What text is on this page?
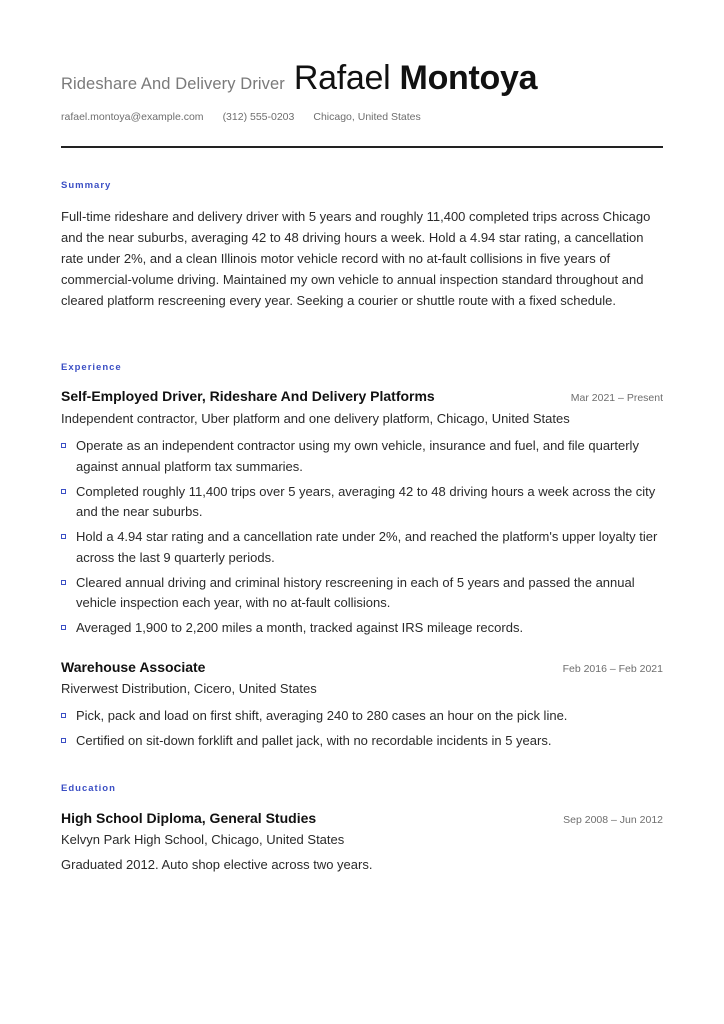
Rideshare And Delivery Driver Rafael Montoya
rafael.montoya@example.com (312) 555-0203 Chicago, United States
Summary

Full-time rideshare and delivery driver with 5 years and roughly 11,400 completed trips across Chicago and the near suburbs, averaging 42 to 48 driving hours a week. Hold a 4.94 star rating, a cancellation rate under 2%, and a clean Illinois motor vehicle record with no at-fault collisions in five years of commercial-volume driving. Maintained my own vehicle to annual inspection standard throughout and cleared platform rescreening every year. Seeking a courier or shuttle route with a fixed schedule.

Experience
Self-Employed Driver, Rideshare And Delivery Platforms	Mar 2021 – Present
Independent contractor, Uber platform and one delivery platform, Chicago, United States
Operate as an independent contractor using my own vehicle, insurance and fuel, and file quarterly against annual platform tax summaries.
Completed roughly 11,400 trips over 5 years, averaging 42 to 48 driving hours a week across the city and the near suburbs.
Hold a 4.94 star rating and a cancellation rate under 2%, and reached the platform's upper loyalty tier across the last 9 quarterly periods.
Cleared annual driving and criminal history rescreening in each of 5 years and passed the annual vehicle inspection each year, with no at-fault collisions.
Averaged 1,900 to 2,200 miles a month, tracked against IRS mileage records.
Warehouse Associate	Feb 2016 – Feb 2021
Riverwest Distribution, Cicero, United States
Pick, pack and load on first shift, averaging 240 to 280 cases an hour on the pick line.
Certified on sit-down forklift and pallet jack, with no recordable incidents in 5 years.
Education
High School Diploma, General Studies	Sep 2008 – Jun 2012
Kelvyn Park High School, Chicago, United States
Graduated 2012. Auto shop elective across two years.
